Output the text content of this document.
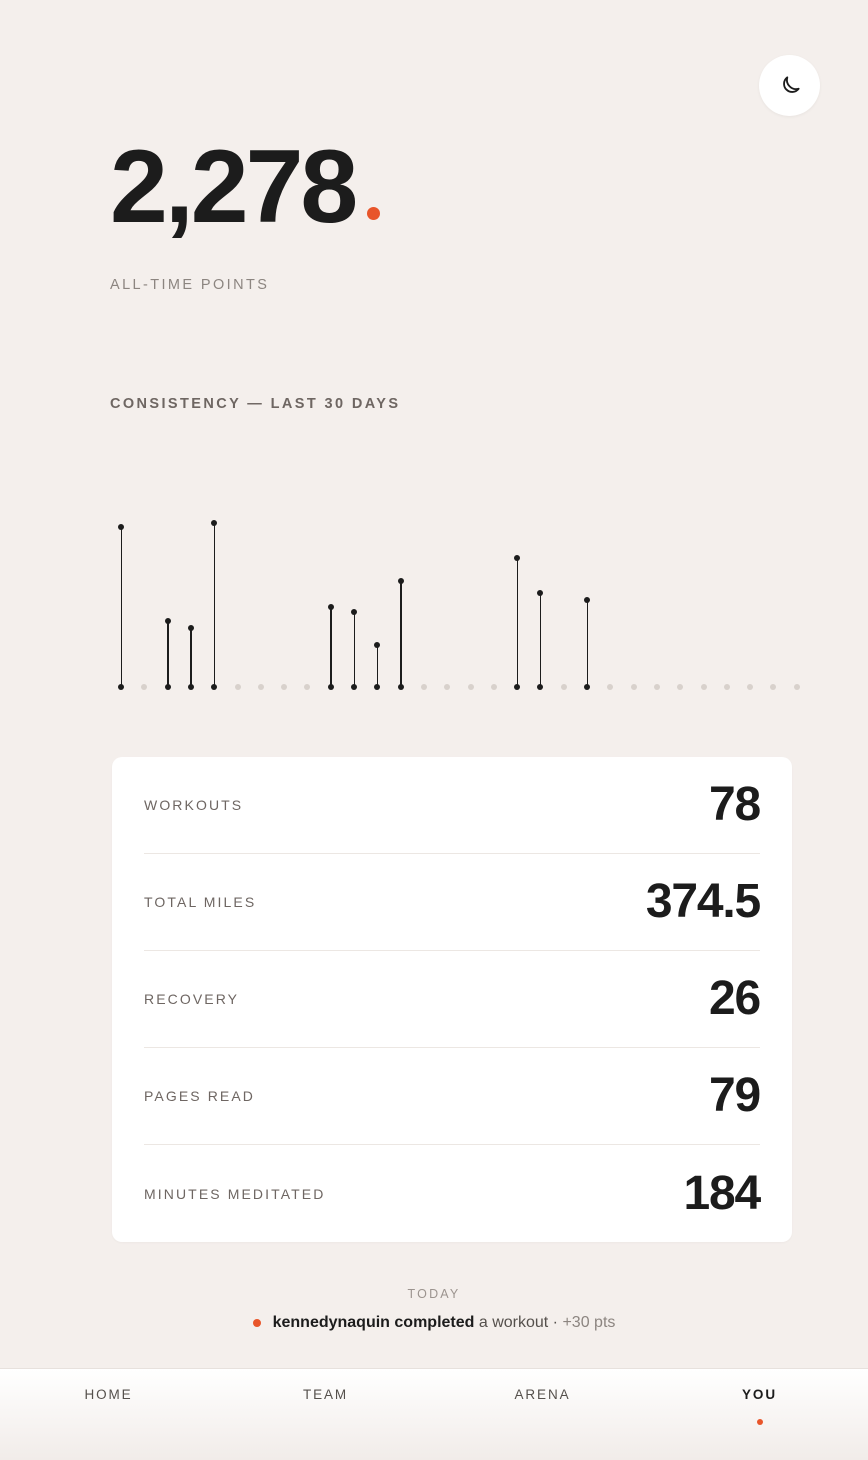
2,278
ALL-TIME POINTS
CONSISTENCY — LAST 30 DAYS
WORKOUTS	78
TOTAL MILES	374.5
RECOVERY	26
PAGES READ	79
MINUTES MEDITATED	184
TODAY
kennedynaquin completed a workout · +30 pts
HOME	TEAM	ARENA	YOU
